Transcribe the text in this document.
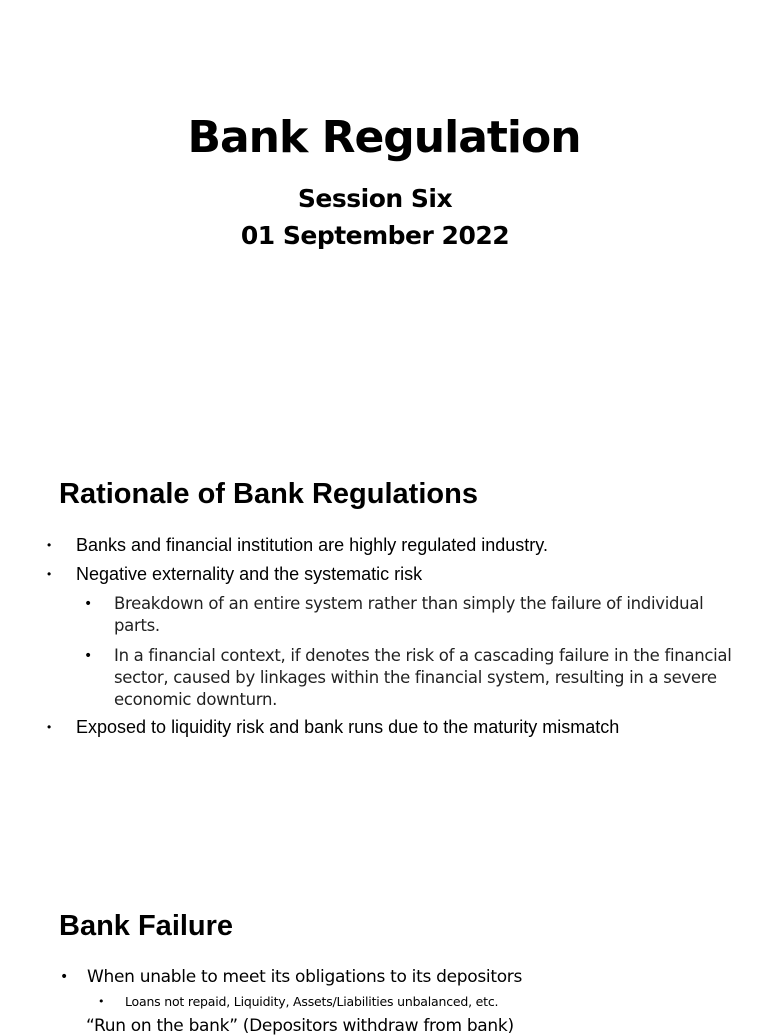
Bank Regulation
Session Six
01 September 2022
Rationale of Bank Regulations
•	Banks and financial institution are highly regulated industry.
•	Negative externality and the systematic risk
•	Breakdown of an entire system rather than simply the failure of individual parts.
•	In a financial context, if denotes the risk of a cascading failure in the financial sector, caused by linkages within the financial system, resulting in a severe economic downturn.
•	Exposed to liquidity risk and bank runs due to the maturity mismatch
Bank Failure
•	When unable to meet its obligations to its depositors
•	Loans not repaid, Liquidity, Assets/Liabilities unbalanced, etc.
“Run on the bank” (Depositors withdraw from bank)
